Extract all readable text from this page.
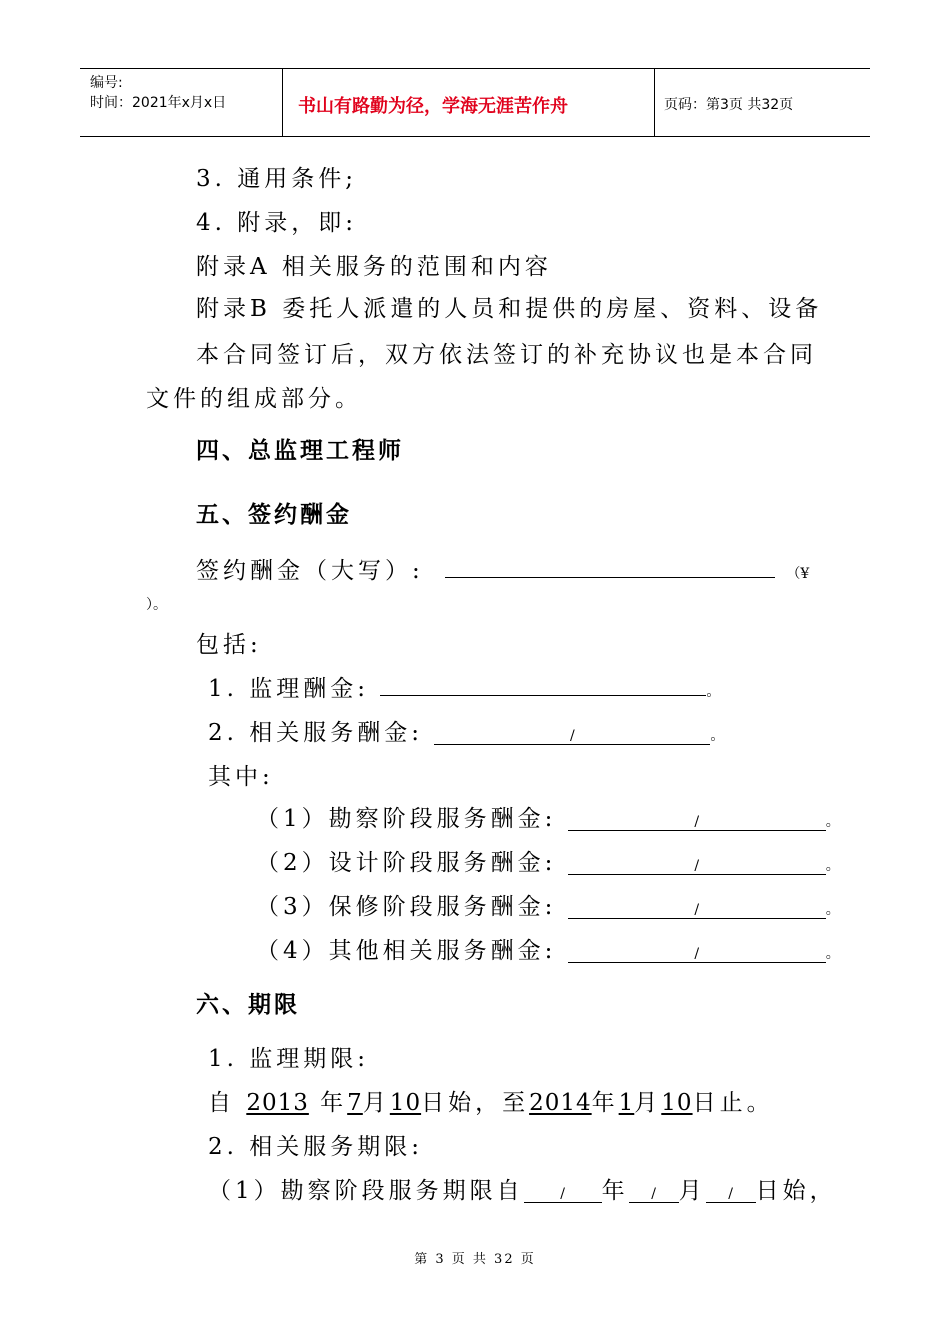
编号:
时间：2021年x月x日	书山有路勤为径，学海无涯苦作舟	页码：第3页 共32页
3. 通用条件;
4. 附录，即:
附录A 相关服务的范围和内容
附录B 委托人派遣的人员和提供的房屋、资料、设备
本合同签订后，双方依法签订的补充协议也是本合同
文件的组成部分。
四、总监理工程师
五、签约酬金
签约酬金（大写）:	（¥
）。
包括:
1. 监理酬金:	。
2. 相关服务酬金:	/	。
其中:
（1）勘察阶段服务酬金:	/	。
（2）设计阶段服务酬金:	/	。
（3）保修阶段服务酬金:	/	。
（4）其他相关服务酬金:	/	。
六、期限
1. 监理期限:
自 2013 年7月10日始，至2014年1月10日止。
2. 相关服务期限:
（1）勘察阶段服务期限自	/ 年 / 月 / 日始，
第 3 页 共 32 页
